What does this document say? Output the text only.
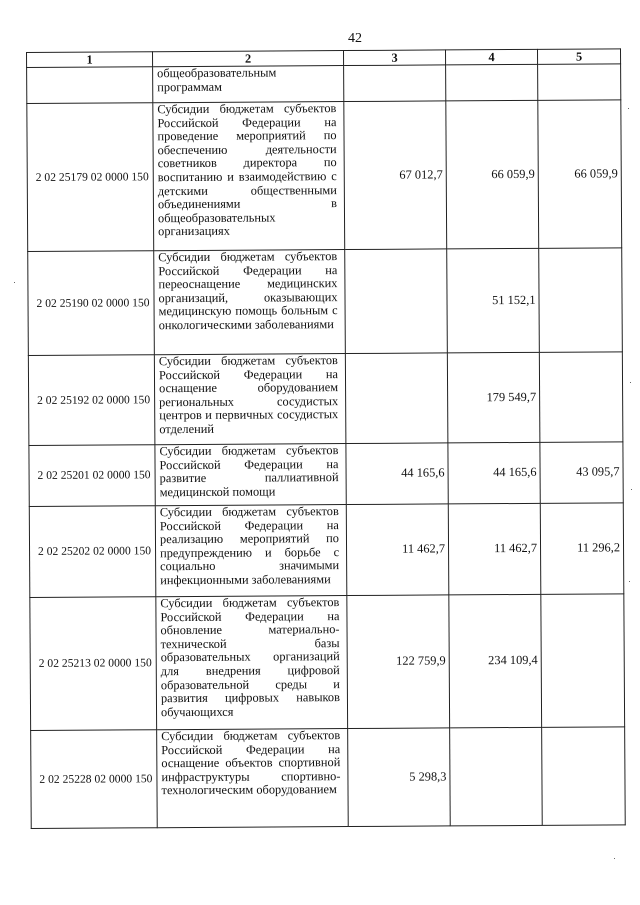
42
1	2	3	4	5
	общеобразовательным программам			
2 02 25179 02 0000 150	Субсидии бюджетам субъектов Российской Федерации на проведение мероприятий по обеспечению деятельности советников директора по воспитанию и взаимодействию с детскими общественными объединениями в общеобразовательных организациях	67 012,7	66 059,9	66 059,9
2 02 25190 02 0000 150	Субсидии бюджетам субъектов Российской Федерации на переоснащение медицинских организаций, оказывающих медицинскую помощь больным с онкологическими заболеваниями		51 152,1	
2 02 25192 02 0000 150	Субсидии бюджетам субъектов Российской Федерации на оснащение оборудованием региональных сосудистых центров и первичных сосудистых отделений		179 549,7	
2 02 25201 02 0000 150	Субсидии бюджетам субъектов Российской Федерации на развитие паллиативной медицинской помощи	44 165,6	44 165,6	43 095,7
2 02 25202 02 0000 150	Субсидии бюджетам субъектов Российской Федерации на реализацию мероприятий по предупреждению и борьбе с социально значимыми инфекционными заболеваниями	11 462,7	11 462,7	11 296,2
2 02 25213 02 0000 150	Субсидии бюджетам субъектов Российской Федерации на обновление материально-технической базы образовательных организаций для внедрения цифровой образовательной среды и развития цифровых навыков обучающихся	122 759,9	234 109,4	
2 02 25228 02 0000 150	Субсидии бюджетам субъектов Российской Федерации на оснащение объектов спортивной инфраструктуры спортивно-технологическим оборудованием	5 298,3		
